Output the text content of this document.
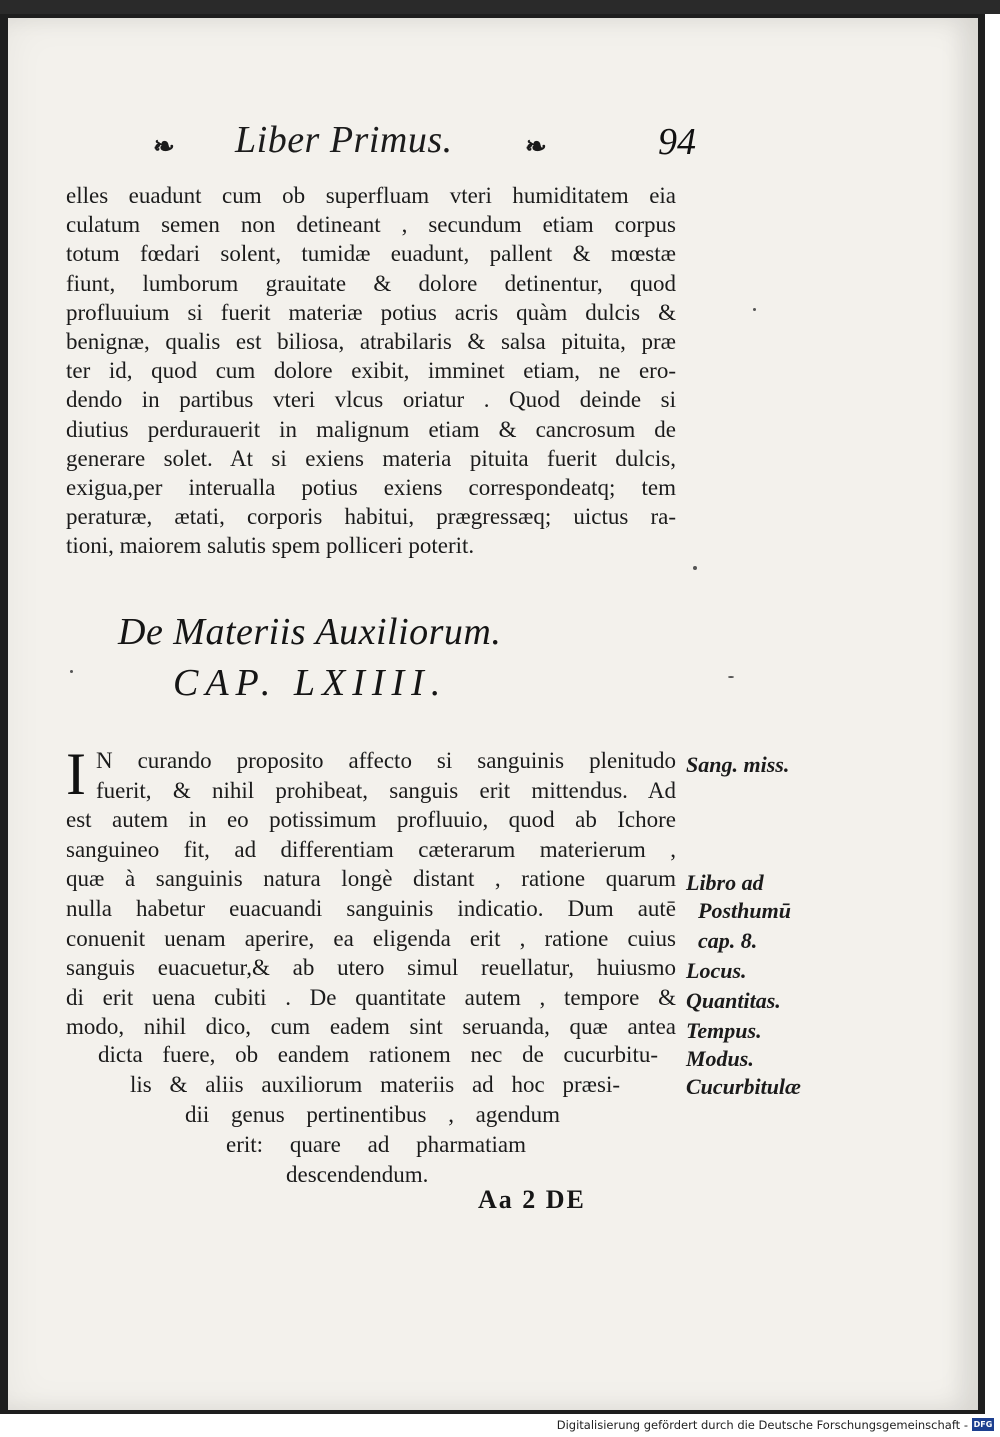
❧ Liber Primus.	❧	94
elles euadunt cum ob superfluam vteri humiditatem eia
culatum semen non detineant , secundum etiam corpus
totum fœdari solent, tumidæ euadunt, pallent & mœstæ
fiunt, lumborum grauitate & dolore detinentur, quod
profluuium si fuerit materiæ potius acris quàm dulcis &
benignæ, qualis est biliosa, atrabilaris & salsa pituita, præ
ter id, quod cum dolore exibit, imminet etiam, ne ero-
dendo in partibus vteri vlcus oriatur . Quod deinde si
diutius perdurauerit in malignum etiam & cancrosum de
generare solet. At si exiens materia pituita fuerit dulcis,
exigua,per interualla potius exiens correspondeatq; tem
peraturæ, ætati, corporis habitui, prægressæq; uictus ra-
tioni, maiorem salutis spem polliceri poterit.
De Materiis Auxiliorum.
CAP. LXIIII.
I N curando proposito affecto si sanguinis plenitudo
fuerit, & nihil prohibeat, sanguis erit mittendus. Ad
est autem in eo potissimum profluuio, quod ab Ichore
sanguineo fit, ad differentiam cæterarum materierum ,
quæ à sanguinis natura longè distant , ratione quarum
nulla habetur euacuandi sanguinis indicatio. Dum autē
conuenit uenam aperire, ea eligenda erit , ratione cuius
sanguis euacuetur,& ab utero simul reuellatur, huiusmo
di erit uena cubiti . De quantitate autem , tempore &
modo, nihil dico, cum eadem sint seruanda, quæ antea
dicta fuere, ob eandem rationem nec de cucurbitu-
lis & aliis auxiliorum materiis ad hoc præsi-
dii genus pertinentibus , agendum
erit: quare ad pharmatiam
descendendum.
Sang. miss.
Libro ad
Posthumū
cap. 8.
Locus.
Quantitas.
Tempus.
Modus.
Cucurbitulæ
Aa 2 DE
Digitalisierung gefördert durch die Deutsche Forschungsgemeinschaft - DFG
